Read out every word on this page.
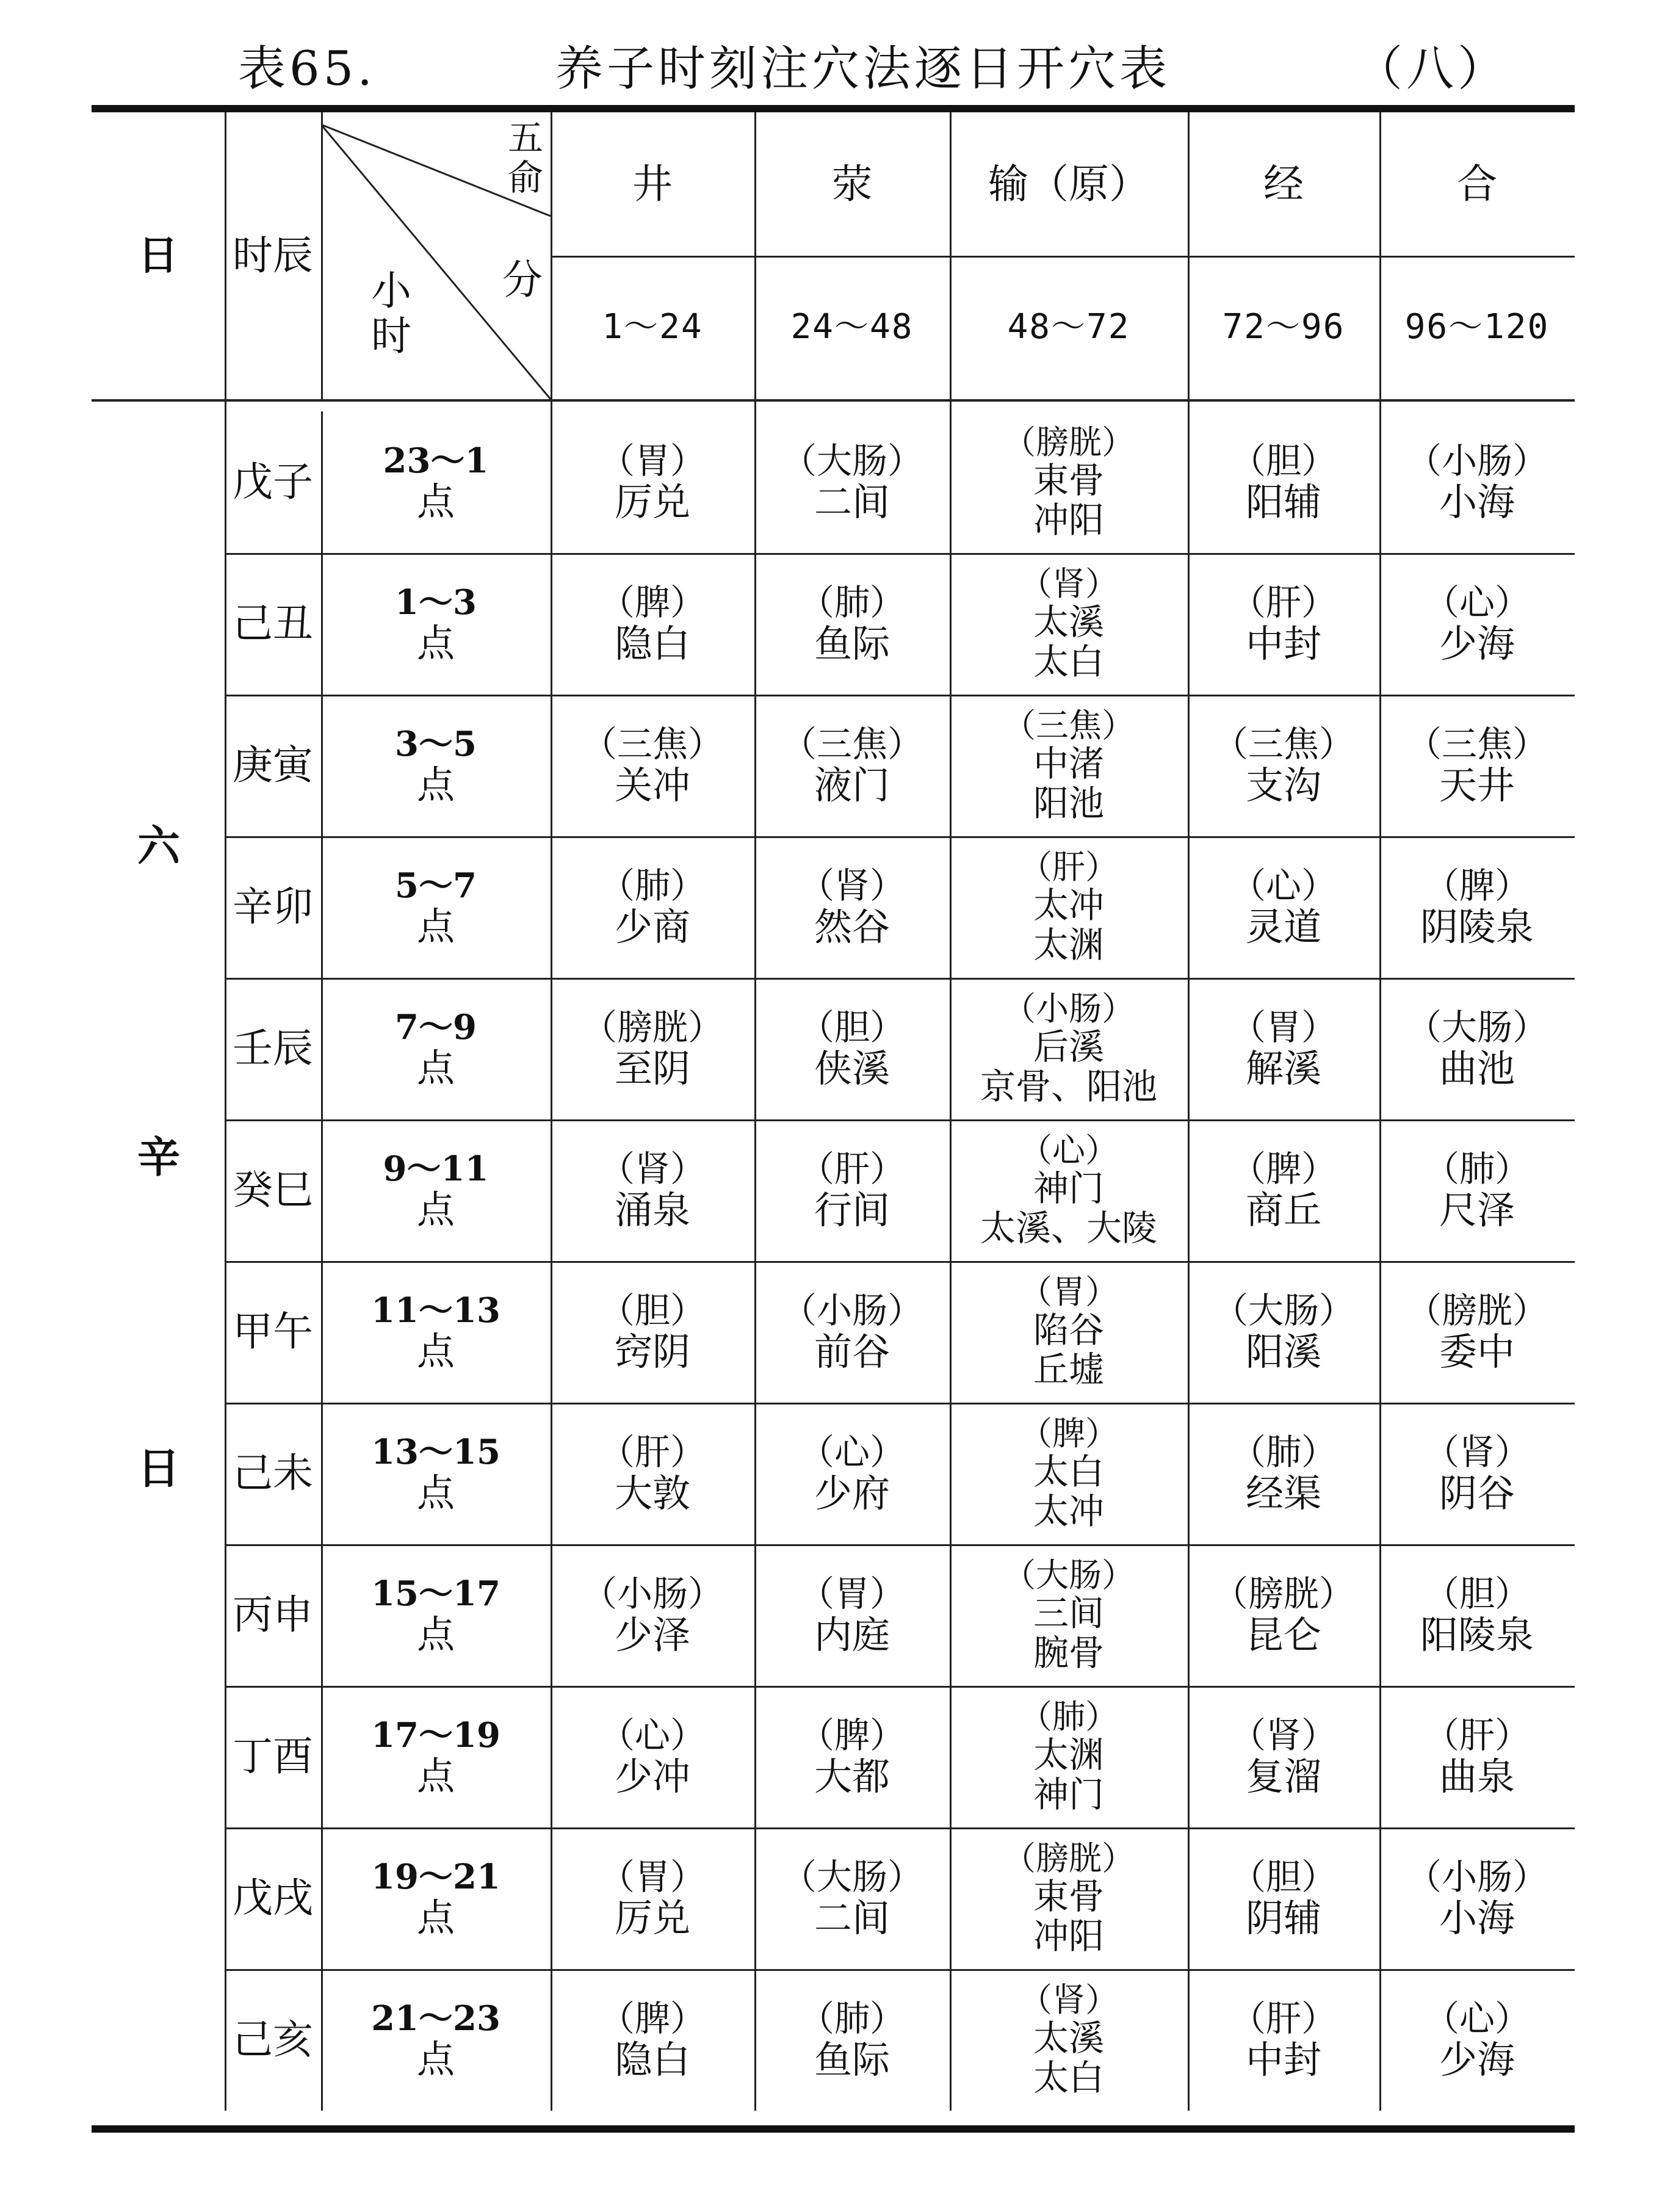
表65.	养子时刻注穴法逐日开穴表	（八）
日 时辰
五
俞
分
小
时
井
1～24
荥
24～48
输（原）
48～72
经
72～96
合
96～120
六
辛
日
戊子 23～1
点
（胃）
厉兑
（大肠）
二间
（膀胱）
束骨
冲阳
（胆）
阳辅
（小肠）
小海
己丑 1～3
点
（脾）
隐白
（肺）
鱼际
（肾）
太溪
太白
（肝）
中封
（心）
少海
庚寅 3～5
点
（三焦）
关冲
（三焦）
液门
（三焦）
中渚
阳池
（三焦）
支沟
（三焦）
天井
辛卯 5～7
点
（肺）
少商
（肾）
然谷
（肝）
太冲
太渊
（心）
灵道
（脾）
阴陵泉
壬辰 7～9
点
（膀胱）
至阴
（胆）
侠溪
（小肠）
后溪
京骨、阳池
（胃）
解溪
（大肠）
曲池
癸巳 9～11
点
（肾）
涌泉
（肝）
行间
（心）
神门
太溪、大陵
（脾）
商丘
（肺）
尺泽
甲午 11～13
点
（胆）
窍阴
（小肠）
前谷
（胃）
陷谷
丘墟
（大肠）
阳溪
（膀胱）
委中
己未 13～15
点
（肝）
大敦
（心）
少府
（脾）
太白
太冲
（肺）
经渠
（肾）
阴谷
丙申 15～17
点
（小肠）
少泽
（胃）
内庭
（大肠）
三间
腕骨
（膀胱）
昆仑
（胆）
阳陵泉
丁酉 17～19
点
（心）
少冲
（脾）
大都
（肺）
太渊
神门
（肾）
复溜
（肝）
曲泉
戊戌 19～21
点
（胃）
厉兑
（大肠）
二间
（膀胱）
束骨
冲阳
（胆）
阴辅
（小肠）
小海
己亥 21～23
点
（脾）
隐白
（肺）
鱼际
（肾）
太溪
太白
（肝）
中封
（心）
少海
